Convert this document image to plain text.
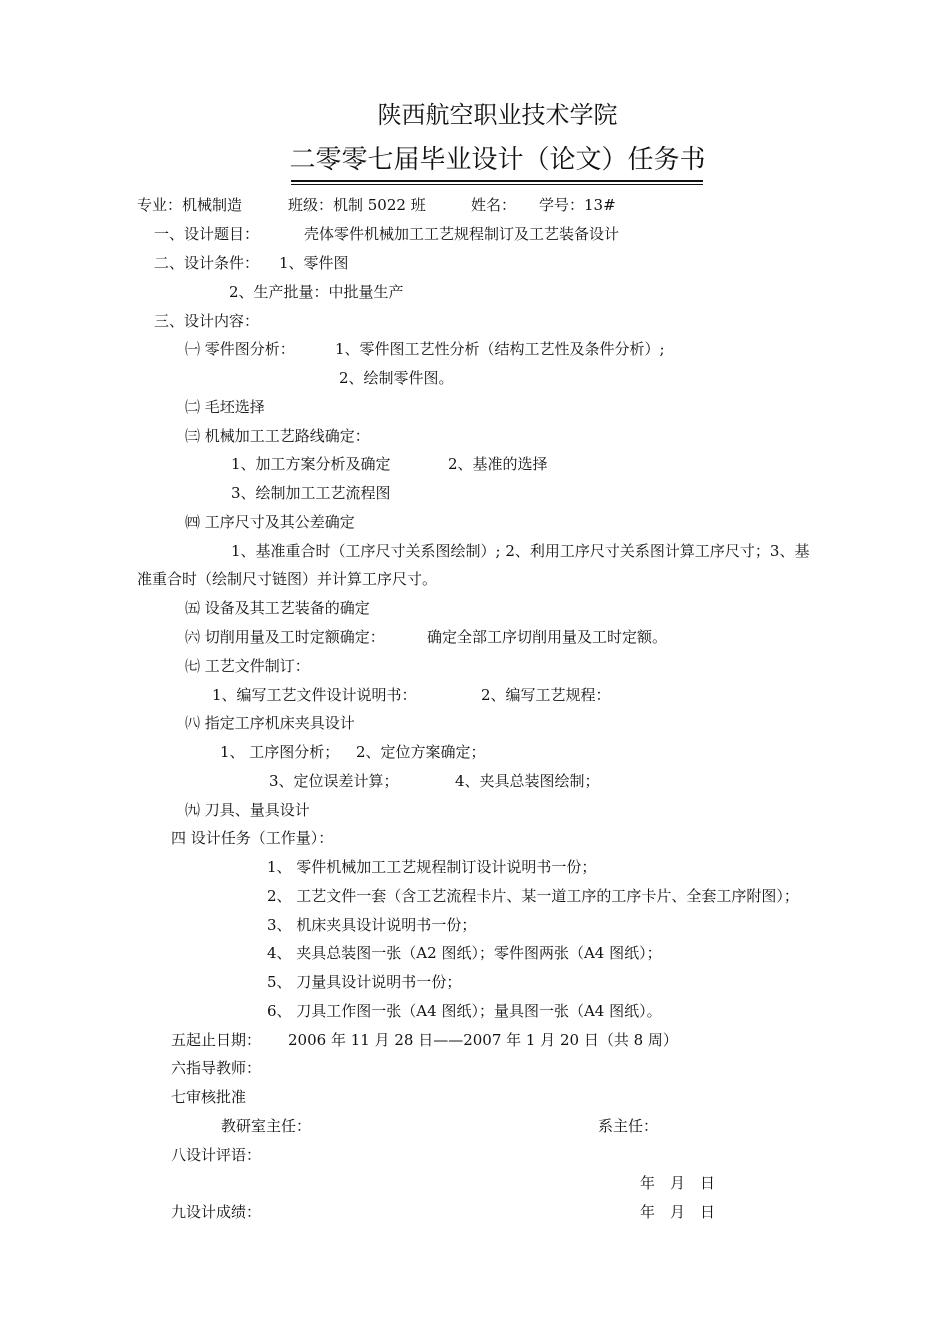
陕西航空职业技术学院
二零零七届毕业设计（论文）任务书
专业：机械制造	班级：机制 5022 班	姓名： 学号：13#
一、设计题目：	壳体零件机械加工工艺规程制订及工艺装备设计
二、设计条件： 1、零件图
2、生产批量：中批量生产
三、设计内容：
㈠ 零件图分析：	1、零件图工艺性分析（结构工艺性及条件分析）;
2、绘制零件图。
㈡ 毛坯选择
㈢ 机械加工工艺路线确定：
1、加工方案分析及确定	2、基准的选择
3、绘制加工工艺流程图
㈣ 工序尺寸及其公差确定
1、基准重合时（工序尺寸关系图绘制）; 2、利用工序尺寸关系图计算工序尺寸；3、基
准重合时（绘制尺寸链图）并计算工序尺寸。
㈤ 设备及其工艺装备的确定
㈥ 切削用量及工时定额确定：	确定全部工序切削用量及工时定额。
㈦ 工艺文件制订：
1、编写工艺文件设计说明书：	2、编写工艺规程：
㈧ 指定工序机床夹具设计
1、 工序图分析； 2、定位方案确定；
3、定位误差计算；	4、夹具总装图绘制；
㈨ 刀具、量具设计
四 设计任务（工作量）：
1、 零件机械加工工艺规程制订设计说明书一份；
2、 工艺文件一套（含工艺流程卡片、某一道工序的工序卡片、全套工序附图）；
3、 机床夹具设计说明书一份；
4、 夹具总装图一张（A2 图纸）；零件图两张（A4 图纸）；
5、 刀量具设计说明书一份；
6、 刀具工作图一张（A4 图纸）；量具图一张（A4 图纸）。
五起止日期： 2006 年 11 月 28 日——2007 年 1 月 20 日（共 8 周）
六指导教师：
七审核批准
教研室主任：	系主任：
八设计评语：
年　月　日
九设计成绩：	年　月　日
